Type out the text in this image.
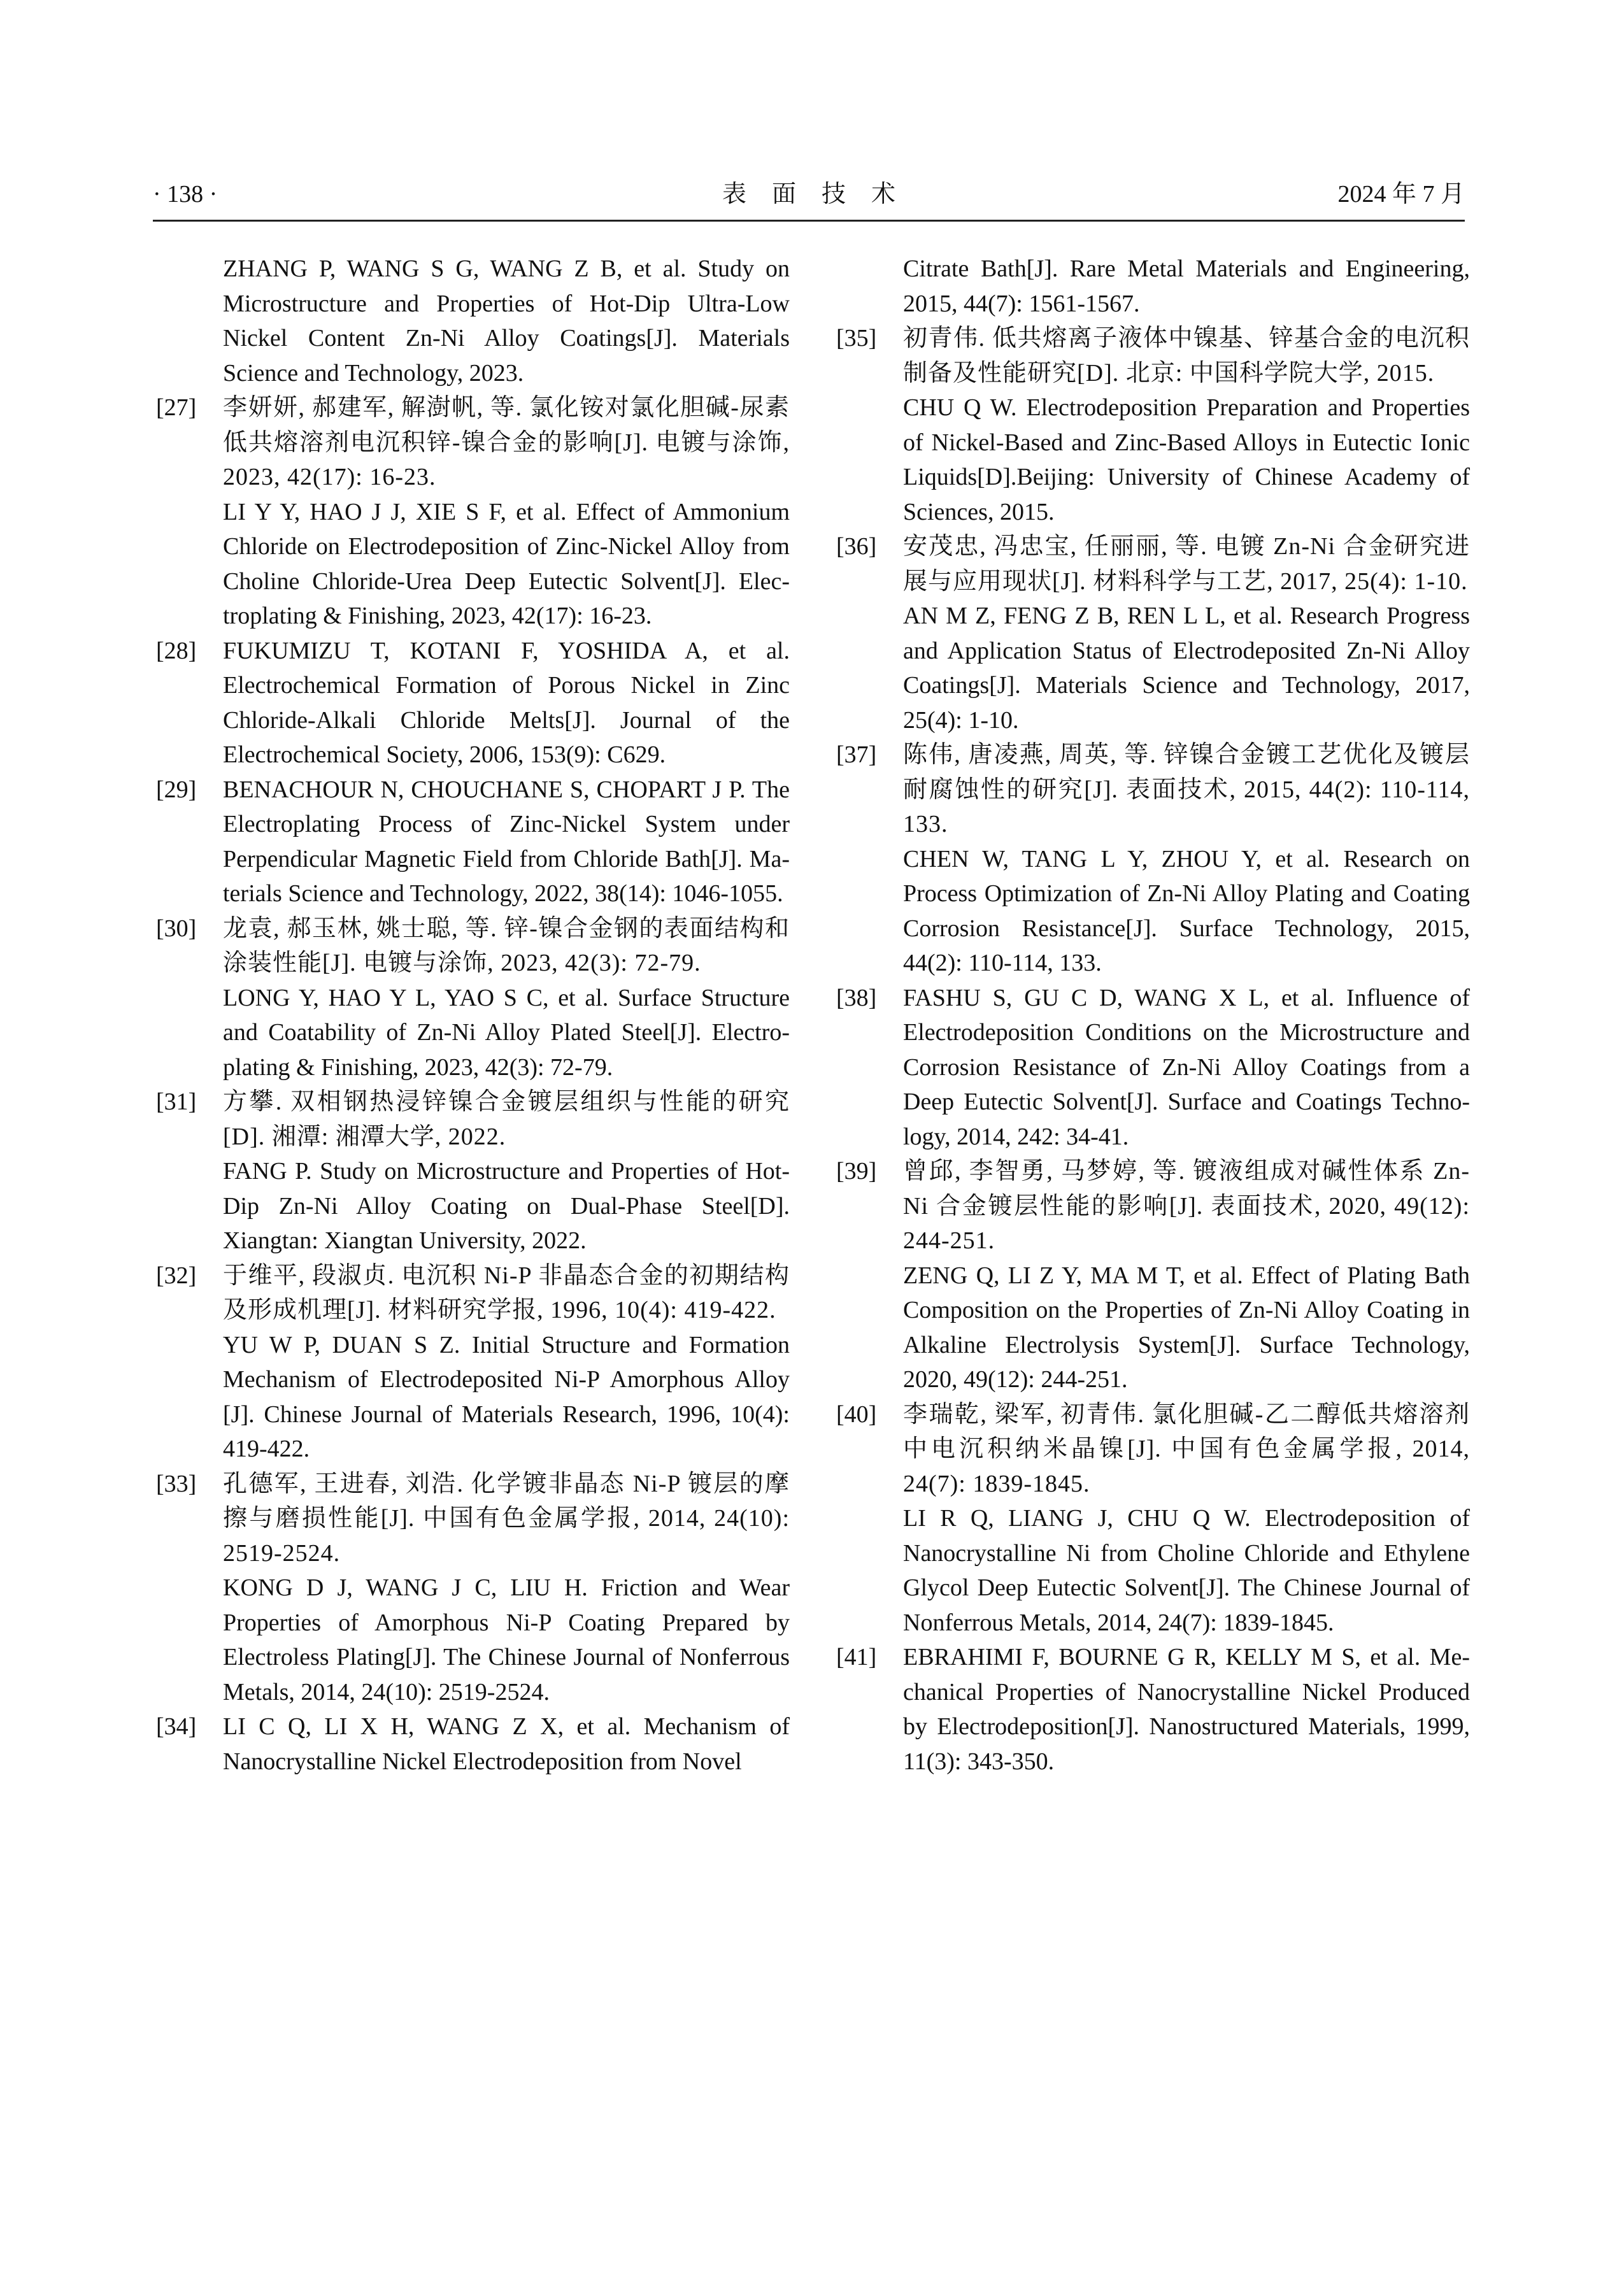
· 138 ·	表面技术	2024 年 7 月

ZHANG P, WANG S G, WANG Z B, et al. Study on Microstructure and Properties of Hot-Dip Ultra-Low Nickel Content Zn-Ni Alloy Coatings[J]. Materials Science and Technology, 2023.

[27] 李妍妍, 郝建军, 解澍帆, 等. 氯化铵对氯化胆碱-尿素低共熔溶剂电沉积锌-镍合金的影响[J]. 电镀与涂饰, 2023, 42(17): 16-23.

LI Y Y, HAO J J, XIE S F, et al. Effect of Ammonium Chloride on Electrodeposition of Zinc-Nickel Alloy from Choline Chloride-Urea Deep Eutectic Solvent[J]. Electroplating & Finishing, 2023, 42(17): 16-23.

[28] FUKUMIZU T, KOTANI F, YOSHIDA A, et al. Electrochemical Formation of Porous Nickel in Zinc Chloride-Alkali Chloride Melts[J]. Journal of the Electrochemical Society, 2006, 153(9): C629.

[29] BENACHOUR N, CHOUCHANE S, CHOPART J P. The Electroplating Process of Zinc-Nickel System under Perpendicular Magnetic Field from Chloride Bath[J]. Materials Science and Technology, 2022, 38(14): 1046-1055.

[30] 龙袁, 郝玉林, 姚士聪, 等. 锌-镍合金钢的表面结构和涂装性能[J]. 电镀与涂饰, 2023, 42(3): 72-79.

LONG Y, HAO Y L, YAO S C, et al. Surface Structure and Coatability of Zn-Ni Alloy Plated Steel[J]. Electroplating & Finishing, 2023, 42(3): 72-79.

[31] 方攀. 双相钢热浸锌镍合金镀层组织与性能的研究[D]. 湘潭: 湘潭大学, 2022.

FANG P. Study on Microstructure and Properties of Hot-Dip Zn-Ni Alloy Coating on Dual-Phase Steel[D]. Xiangtan: Xiangtan University, 2022.

[32] 于维平, 段淑贞. 电沉积 Ni-P 非晶态合金的初期结构及形成机理[J]. 材料研究学报, 1996, 10(4): 419-422.

YU W P, DUAN S Z. Initial Structure and Formation Mechanism of Electrodeposited Ni-P Amorphous Alloy [J]. Chinese Journal of Materials Research, 1996, 10(4): 419-422.

[33] 孔德军, 王进春, 刘浩. 化学镀非晶态 Ni-P 镀层的摩擦与磨损性能[J]. 中国有色金属学报, 2014, 24(10): 2519-2524.

KONG D J, WANG J C, LIU H. Friction and Wear Properties of Amorphous Ni-P Coating Prepared by Electroless Plating[J]. The Chinese Journal of Nonferrous Metals, 2014, 24(10): 2519-2524.

[34] LI C Q, LI X H, WANG Z X, et al. Mechanism of Nanocrystalline Nickel Electrodeposition from Novel

Citrate Bath[J]. Rare Metal Materials and Engineering, 2015, 44(7): 1561-1567.

[35] 初青伟. 低共熔离子液体中镍基、锌基合金的电沉积制备及性能研究[D]. 北京: 中国科学院大学, 2015.

CHU Q W. Electrodeposition Preparation and Properties of Nickel-Based and Zinc-Based Alloys in Eutectic Ionic Liquids[D].Beijing: University of Chinese Academy of Sciences, 2015.

[36] 安茂忠, 冯忠宝, 任丽丽, 等. 电镀 Zn-Ni 合金研究进展与应用现状[J]. 材料科学与工艺, 2017, 25(4): 1-10.

AN M Z, FENG Z B, REN L L, et al. Research Progress and Application Status of Electrodeposited Zn-Ni Alloy Coatings[J]. Materials Science and Technology, 2017, 25(4): 1-10.

[37] 陈伟, 唐凌燕, 周英, 等. 锌镍合金镀工艺优化及镀层耐腐蚀性的研究[J]. 表面技术, 2015, 44(2): 110-114, 133.

CHEN W, TANG L Y, ZHOU Y, et al. Research on Process Optimization of Zn-Ni Alloy Plating and Coating Corrosion Resistance[J]. Surface Technology, 2015, 44(2): 110-114, 133.

[38] FASHU S, GU C D, WANG X L, et al. Influence of Electrodeposition Conditions on the Microstructure and Corrosion Resistance of Zn-Ni Alloy Coatings from a Deep Eutectic Solvent[J]. Surface and Coatings Technology, 2014, 242: 34-41.

[39] 曾邱, 李智勇, 马梦婷, 等. 镀液组成对碱性体系 Zn-Ni 合金镀层性能的影响[J]. 表面技术, 2020, 49(12): 244-251.

ZENG Q, LI Z Y, MA M T, et al. Effect of Plating Bath Composition on the Properties of Zn-Ni Alloy Coating in Alkaline Electrolysis System[J]. Surface Technology, 2020, 49(12): 244-251.

[40] 李瑞乾, 梁军, 初青伟. 氯化胆碱-乙二醇低共熔溶剂中电沉积纳米晶镍[J]. 中国有色金属学报, 2014, 24(7): 1839-1845.

LI R Q, LIANG J, CHU Q W. Electrodeposition of Nanocrystalline Ni from Choline Chloride and Ethylene Glycol Deep Eutectic Solvent[J]. The Chinese Journal of Nonferrous Metals, 2014, 24(7): 1839-1845.

[41] EBRAHIMI F, BOURNE G R, KELLY M S, et al. Mechanical Properties of Nanocrystalline Nickel Produced by Electrodeposition[J]. Nanostructured Materials, 1999, 11(3): 343-350.
